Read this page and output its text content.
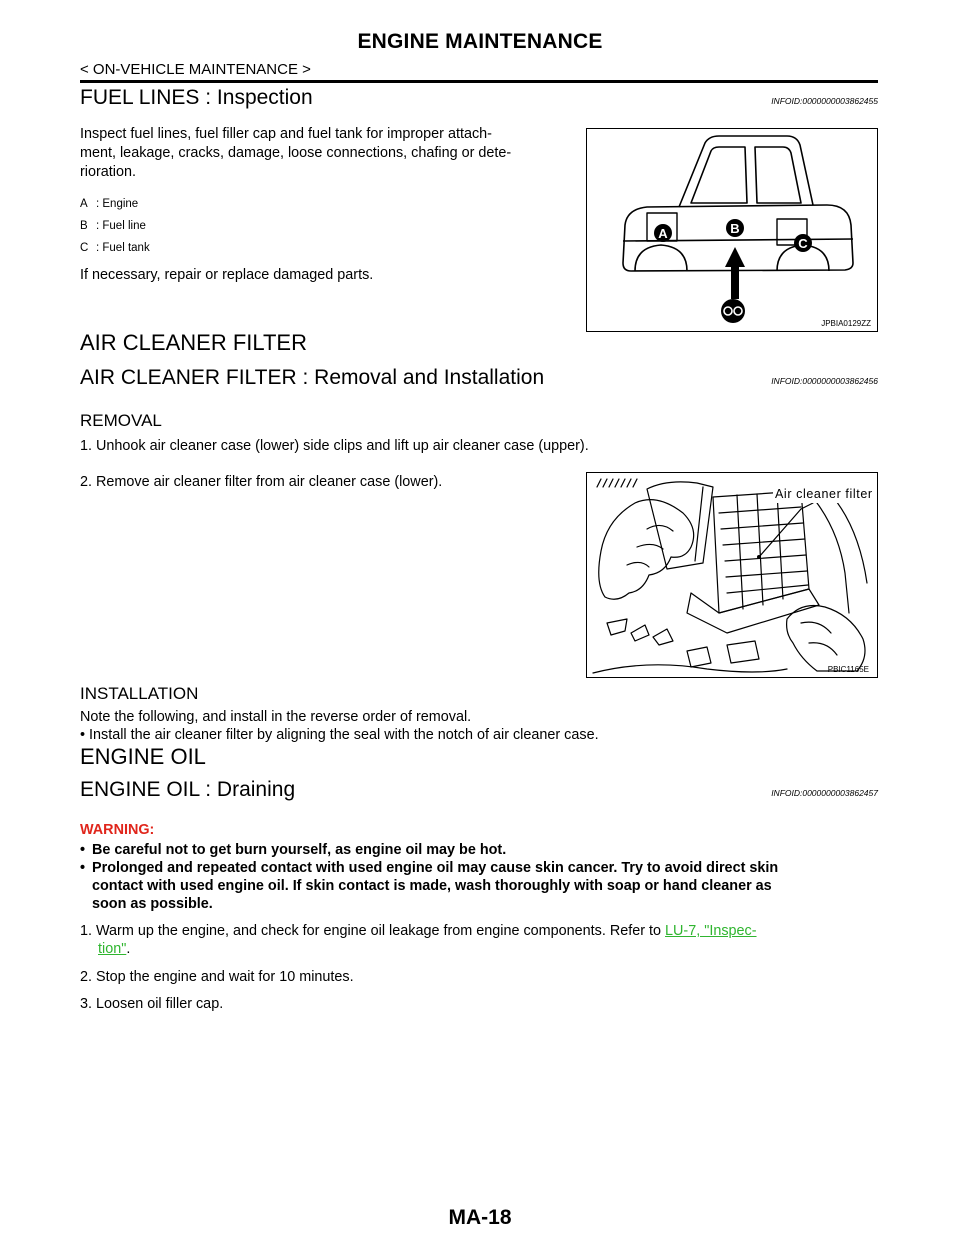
ENGINE MAINTENANCE
< ON-VEHICLE MAINTENANCE >
FUEL LINES : Inspection	INFOID:0000000003862455
Inspect fuel lines, fuel filler cap and fuel tank for improper attach-
ment, leakage, cracks, damage, loose connections, chafing or dete-
rioration.
A : Engine
B : Fuel line
C : Fuel tank
If necessary, repair or replace damaged parts.
A	B
C
JPBIA0129ZZ
AIR CLEANER FILTER
AIR CLEANER FILTER : Removal and Installation	INFOID:0000000003862456
REMOVAL
1. Unhook air cleaner case (lower) side clips and lift up air cleaner case (upper).
2. Remove air cleaner filter from air cleaner case (lower).
Air cleaner filter
PBIC1165E
INSTALLATION
Note the following, and install in the reverse order of removal.
• Install the air cleaner filter by aligning the seal with the notch of air cleaner case.
ENGINE OIL
ENGINE OIL : Draining	INFOID:0000000003862457
WARNING:
• Be careful not to get burn yourself, as engine oil may be hot.
• Prolonged and repeated contact with used engine oil may cause skin cancer. Try to avoid direct skin
contact with used engine oil. If skin contact is made, wash thoroughly with soap or hand cleaner as
soon as possible.
1. Warm up the engine, and check for engine oil leakage from engine components. Refer to LU-7, "Inspec-
tion".
2. Stop the engine and wait for 10 minutes.
3. Loosen oil filler cap.
MA-18
